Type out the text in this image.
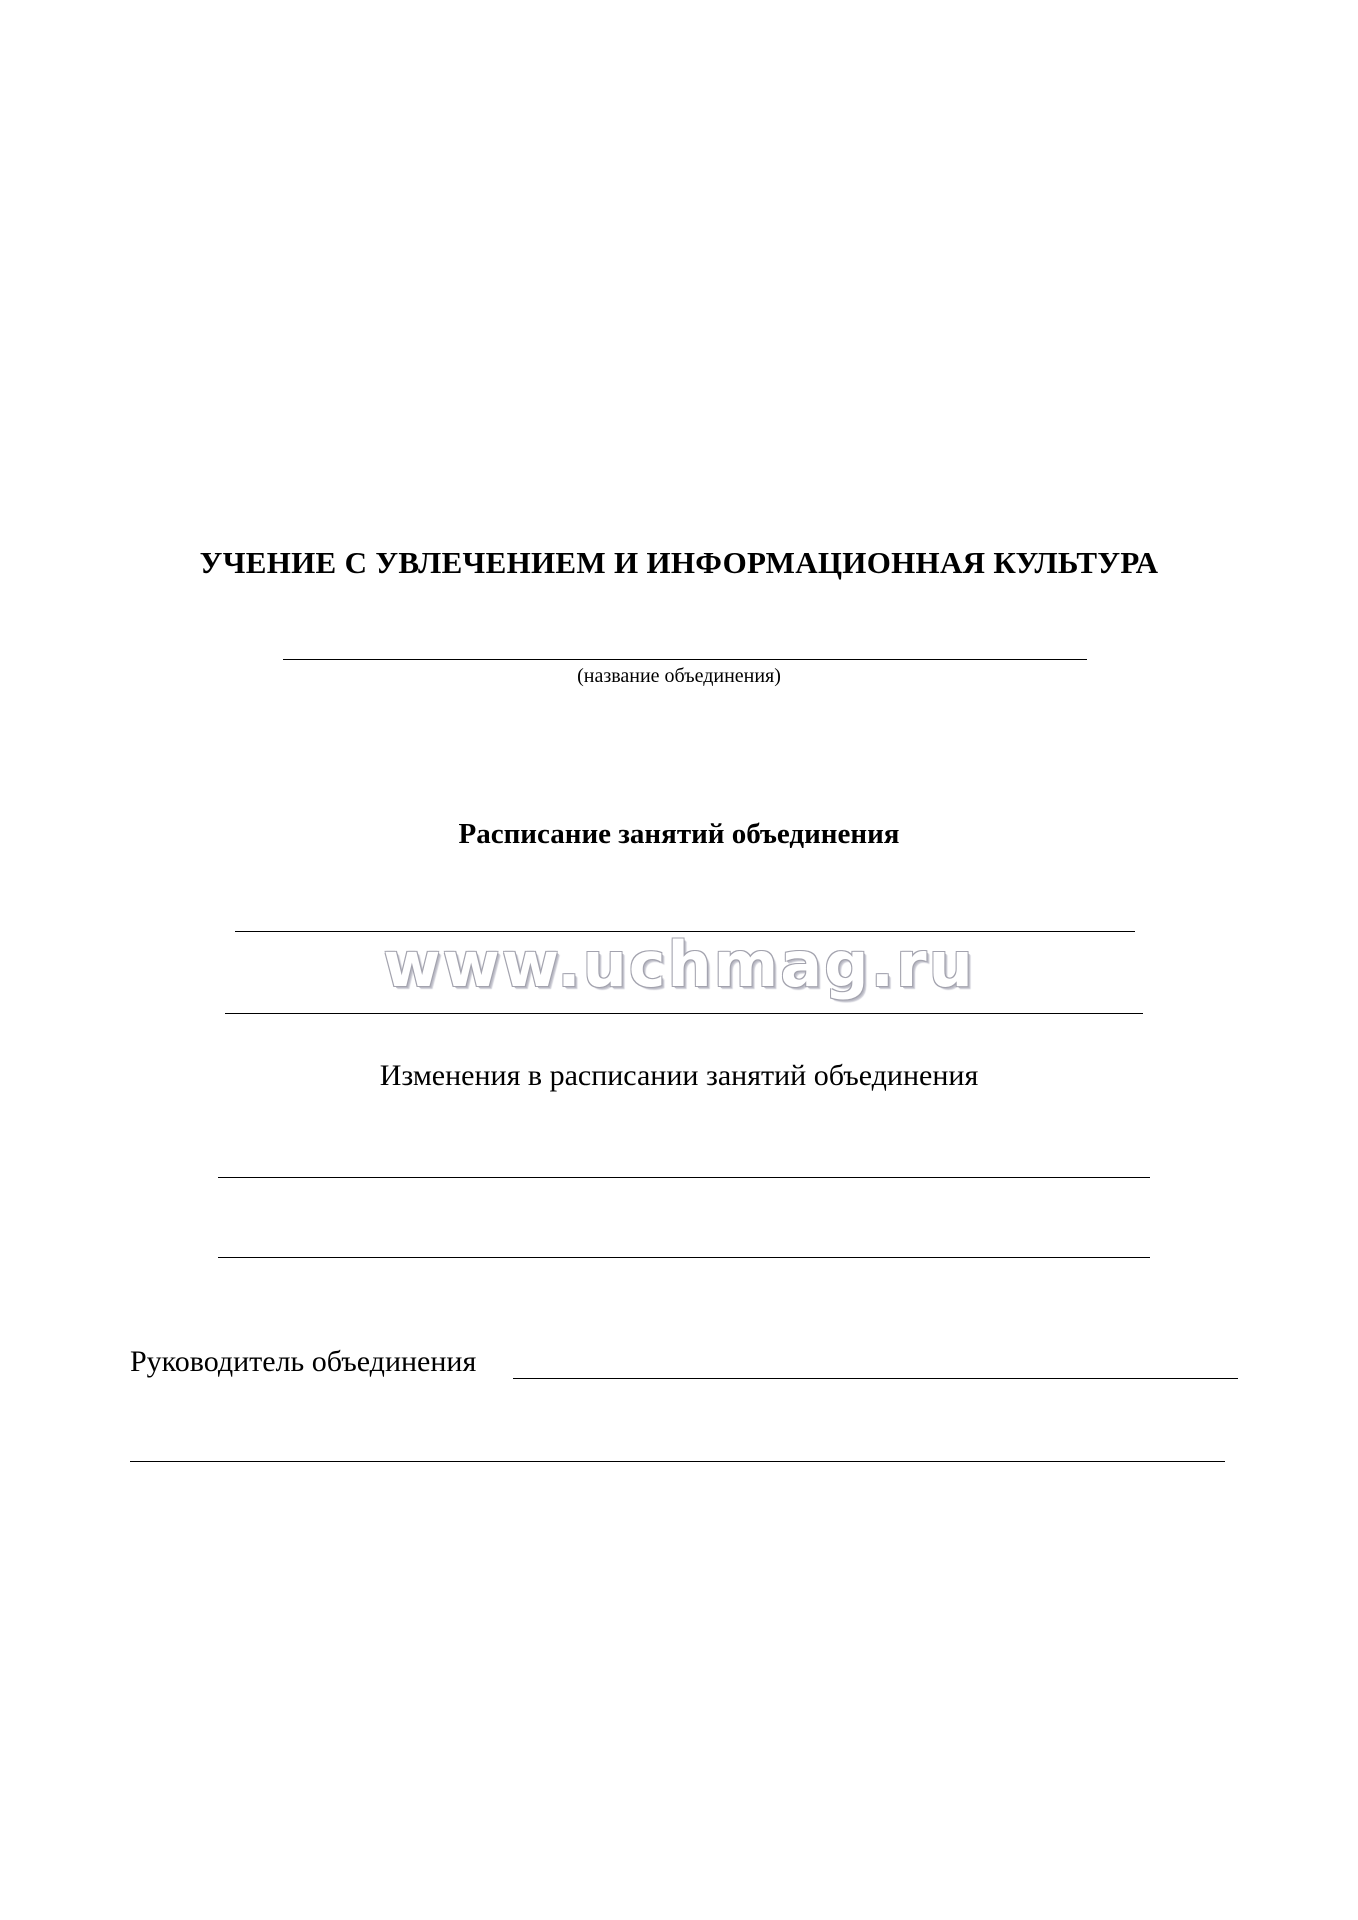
УЧЕНИЕ С УВЛЕЧЕНИЕМ И ИНФОРМАЦИОННАЯ КУЛЬТУРА
(название объединения)
Расписание занятий объединения
www.uchmag.ru
Изменения в расписании занятий объединения
Руководитель объединения
